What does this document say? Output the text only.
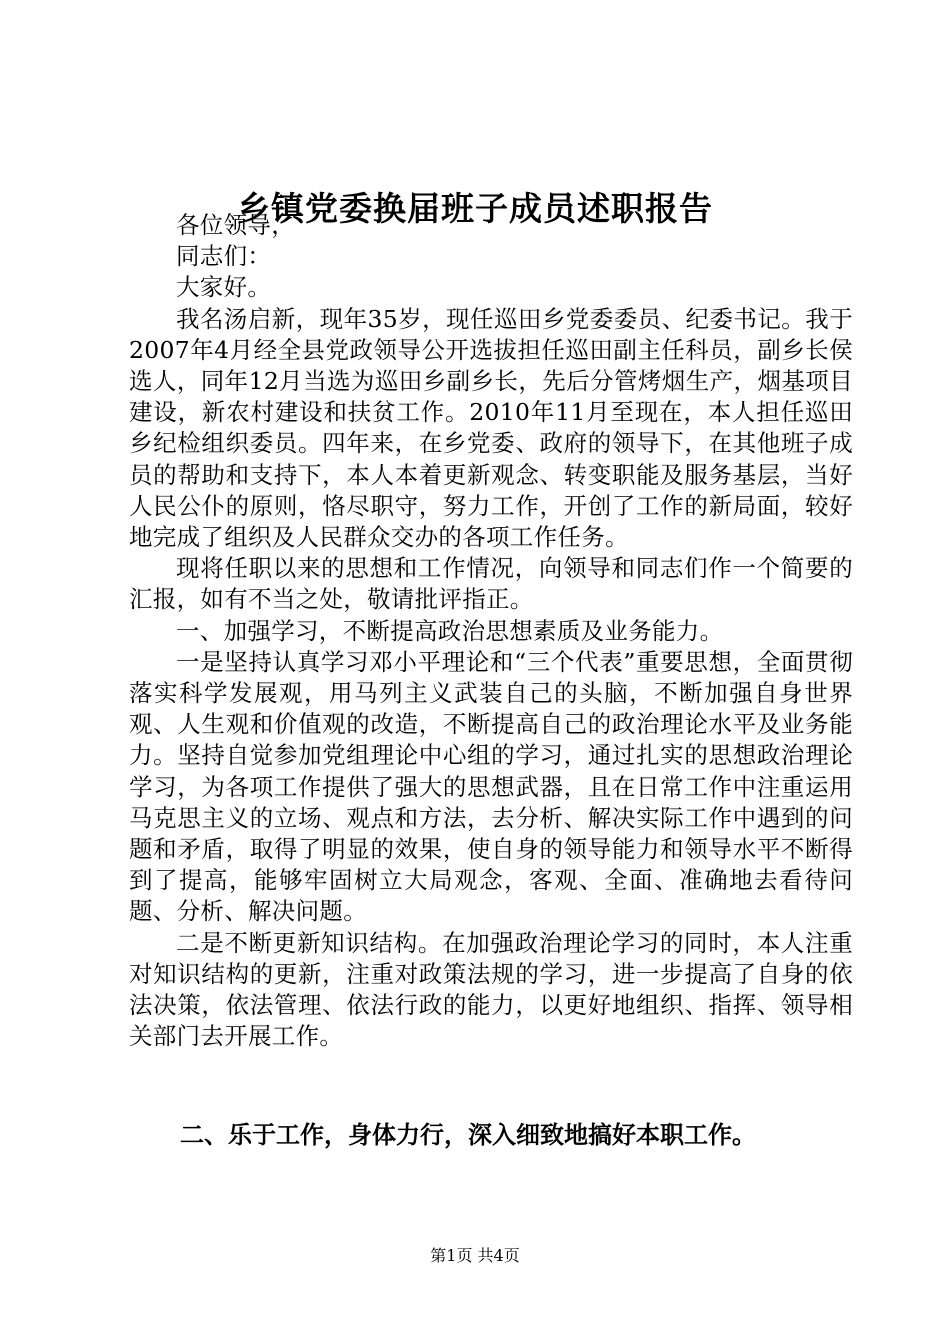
乡镇党委换届班子成员述职报告

各位领导，

同志们：

大家好。

我名汤启新，现年35岁，现任巡田乡党委委员、纪委书记。我于2007年4月经全县党政领导公开选拔担任巡田副主任科员，副乡长侯选人，同年12月当选为巡田乡副乡长，先后分管烤烟生产，烟基项目建设，新农村建设和扶贫工作。2010年11月至现在，本人担任巡田乡纪检组织委员。四年来，在乡党委、政府的领导下，在其他班子成员的帮助和支持下，本人本着更新观念、转变职能及服务基层，当好人民公仆的原则，恪尽职守，努力工作，开创了工作的新局面，较好地完成了组织及人民群众交办的各项工作任务。

现将任职以来的思想和工作情况，向领导和同志们作一个简要的汇报，如有不当之处，敬请批评指正。

一、加强学习，不断提高政治思想素质及业务能力。

一是坚持认真学习邓小平理论和“三个代表”重要思想，全面贯彻落实科学发展观，用马列主义武装自己的头脑，不断加强自身世界观、人生观和价值观的改造，不断提高自己的政治理论水平及业务能力。坚持自觉参加党组理论中心组的学习，通过扎实的思想政治理论学习，为各项工作提供了强大的思想武器，且在日常工作中注重运用马克思主义的立场、观点和方法，去分析、解决实际工作中遇到的问题和矛盾，取得了明显的效果，使自身的领导能力和领导水平不断得到了提高，能够牢固树立大局观念，客观、全面、准确地去看待问题、分析、解决问题。

二是不断更新知识结构。在加强政治理论学习的同时，本人注重对知识结构的更新，注重对政策法规的学习，进一步提高了自身的依法决策，依法管理、依法行政的能力，以更好地组织、指挥、领导相关部门去开展工作。

二、乐于工作，身体力行，深入细致地搞好本职工作。
第1页 共4页
